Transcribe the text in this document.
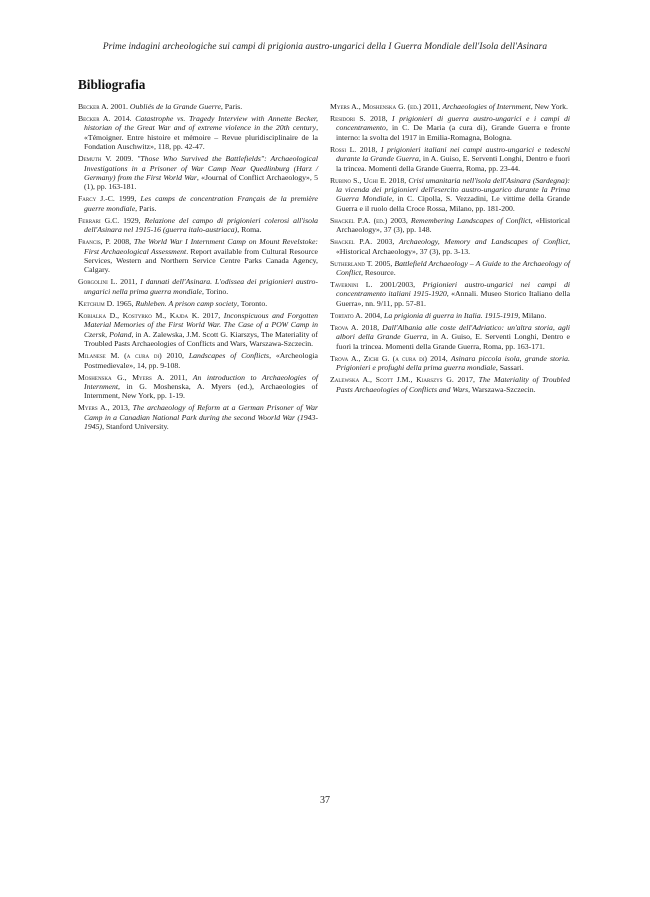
Prime indagini archeologiche sui campi di prigionia austro-ungarici della I Guerra Mondiale dell'Isola dell'Asinara
Bibliografia

Becker A. 2001. Oubliés de la Grande Guerre, Paris.

Becker A. 2014. Catastrophe vs. Tragedy Interview with Annette Becker, historian of the Great War and of extreme violence in the 20th century, «Témoigner. Entre histoire et mémoire – Revue pluridisciplinaire de la Fondation Auschwitz», 118, pp. 42-47.

Demuth V. 2009. "Those Who Survived the Battlefields": Archaeological Investigations in a Prisoner of War Camp Near Quedlinburg (Harz / Germany) from the First World War, «Journal of Conflict Archaeology», 5 (1), pp. 163-181.

Farcy J.-C. 1999, Les camps de concentration Français de la première guerre mondiale, Paris.

Ferrari G.C. 1929, Relazione del campo di prigionieri colerosi all'isola dell'Asinara nel 1915-16 (guerra italo-austriaca), Roma.

Francis, P. 2008, The World War I Internment Camp on Mount Revelstoke: First Archaeological Assessment. Report available from Cultural Resource Services, Western and Northern Service Centre Parks Canada Agency, Calgary.

Gorgolini L. 2011, I dannati dell'Asinara. L'odissea dei prigionieri austro-ungarici nella prima guerra mondiale, Torino.

Ketchum D. 1965, Ruhleben. A prison camp society, Toronto.

Kobialka D., Kostyrko M., Kajda K. 2017, Inconspicuous and Forgotten Material Memories of the First World War. The Case of a POW Camp in Czersk, Poland, in A. Zalewska, J.M. Scott G. Kiarszys, The Materiality of Troubled Pasts Archaeologies of Conflicts and Wars, Warszawa-Szczecin.

Milanese M. (a cura di) 2010, Landscapes of Conflicts, «Archeologia Postmedievale», 14, pp. 9-108.

Moshenska G., Myers A. 2011, An introduction to Archaeologies of Internment, in G. Moshenska, A. Myers (ed.), Archaeologies of Internment, New York, pp. 1-19.

Myers A., 2013, The archaeology of Reform at a German Prisoner of War Camp in a Canadian National Park during the second Woorld War (1943-1945), Stanford University.

Myers A., Moshenska G. (ed.) 2011, Archaeologies of Internment, New York.

Residori S. 2018, I prigionieri di guerra austro-ungarici e i campi di concentramento, in C. De Maria (a cura di), Grande Guerra e fronte interno: la svolta del 1917 in Emilia-Romagna, Bologna.

Rossi L. 2018, I prigionieri italiani nei campi austro-ungarici e tedeschi durante la Grande Guerra, in A. Guiso, E. Serventi Longhi, Dentro e fuori la trincea. Momenti della Grande Guerra, Roma, pp. 23-44.

Rubino S., Ughi E. 2018, Crisi umanitaria nell'isola dell'Asinara (Sardegna): la vicenda dei prigionieri dell'esercito austro-ungarico durante la Prima Guerra Mondiale, in C. Cipolla, S. Vezzadini, Le vittime della Grande Guerra e il ruolo della Croce Rossa, Milano, pp. 181-200.

Shackel P.A. (ed.) 2003, Remembering Landscapes of Conflict, «Historical Archaeology», 37 (3), pp. 148.

Shackel P.A. 2003, Archaeology, Memory and Landscapes of Conflict, «Historical Archaeology», 37 (3), pp. 3-13.

Sutherland T. 2005, Battlefield Archaeology – A Guide to the Archaeology of Conflict, Resource.

Tavernini L. 2001/2003, Prigionieri austro-ungarici nei campi di concentramento italiani 1915-1920, «Annali. Museo Storico Italiano della Guerra», nn. 9/11, pp. 57-81.

Tortato A. 2004, La prigionia di guerra in Italia. 1915-1919, Milano.

Trova A. 2018, Dall'Albania alle coste dell'Adriatico: un'altra storia, agli albori della Grande Guerra, in A. Guiso, E. Serventi Longhi, Dentro e fuori la trincea. Momenti della Grande Guerra, Roma, pp. 163-171.

Trova A., Zichi G. (a cura di) 2014, Asinara piccola isola, grande storia. Prigionieri e profughi della prima guerra mondiale, Sassari.

Zalewska A., Scott J.M., Kiarszys G. 2017, The Materiality of Troubled Pasts Archaeologies of Conflicts and Wars, Warszawa-Szczecin.

37
